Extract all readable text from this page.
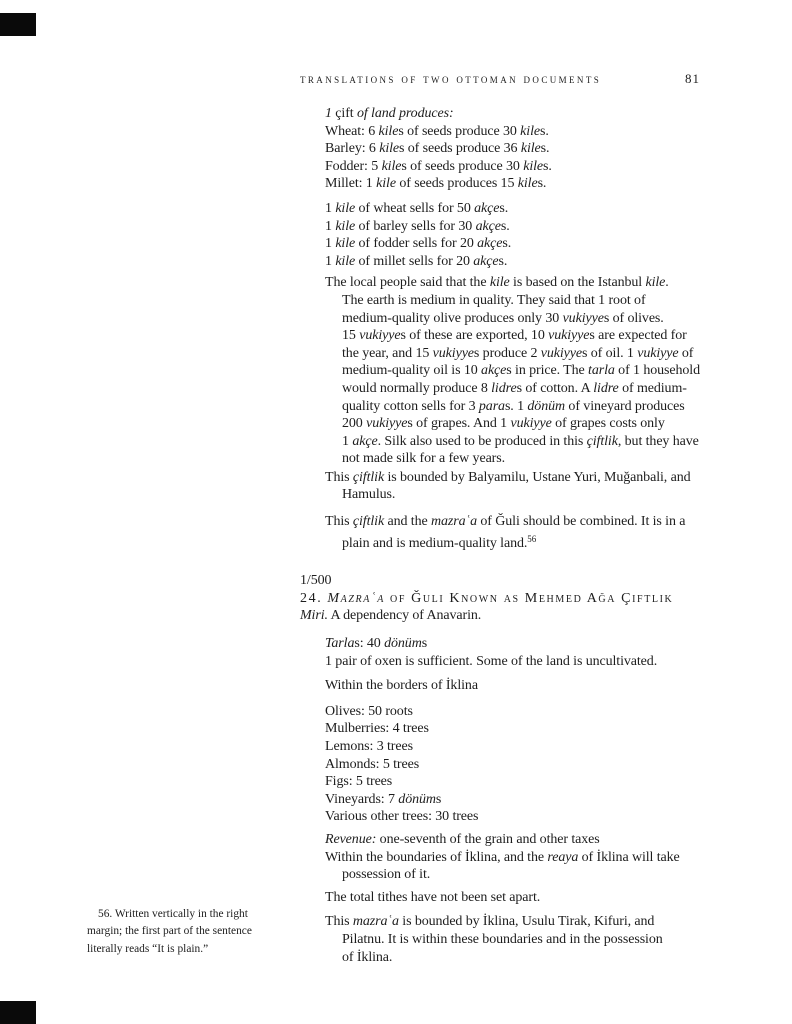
translations of two ottoman documents	81
1 çift of land produces:
Wheat: 6 kiles of seeds produce 30 kiles.
Barley: 6 kiles of seeds produce 36 kiles.
Fodder: 5 kiles of seeds produce 30 kiles.
Millet: 1 kile of seeds produces 15 kiles.
1 kile of wheat sells for 50 akçes.
1 kile of barley sells for 30 akçes.
1 kile of fodder sells for 20 akçes.
1 kile of millet sells for 20 akçes.
The local people said that the kile is based on the Istanbul kile.
The earth is medium in quality. They said that 1 root of
medium-quality olive produces only 30 vukiyyes of olives.
15 vukiyyes of these are exported, 10 vukiyyes are expected for
the year, and 15 vukiyyes produce 2 vukiyyes of oil. 1 vukiyye of
medium-quality oil is 10 akçes in price. The tarla of 1 household
would normally produce 8 lidres of cotton. A lidre of medium-
quality cotton sells for 3 paras. 1 dönüm of vineyard produces
200 vukiyyes of grapes. And 1 vukiyye of grapes costs only
1 akçe. Silk also used to be produced in this çiftlik, but they have
not made silk for a few years.
This çiftlik is bounded by Balyamilu, Ustane Yuri, Muğanbali, and
Hamulus.
This çiftlik and the mazraʿa of Ǧuli should be combined. It is in a
plain and is medium-quality land.$^{56}$
1/500
24. Mazraʿa of Ǧuli Known as Mehmed Ağa Çiftlik
Miri. A dependency of Anavarin.
Tarlas: 40 dönüms
1 pair of oxen is sufficient. Some of the land is uncultivated.
Within the borders of İklina
Olives: 50 roots
Mulberries: 4 trees
Lemons: 3 trees
Almonds: 5 trees
Figs: 5 trees
Vineyards: 7 dönüms
Various other trees: 30 trees
Revenue: one-seventh of the grain and other taxes
Within the boundaries of İklina, and the reaya of İklina will take
possession of it.
The total tithes have not been set apart.
This mazraʿa is bounded by İklina, Usulu Tirak, Kifuri, and
Pilatnu. It is within these boundaries and in the possession
of İklina.
56. Written vertically in the right
margin; the first part of the sentence
literally reads “It is plain.”
